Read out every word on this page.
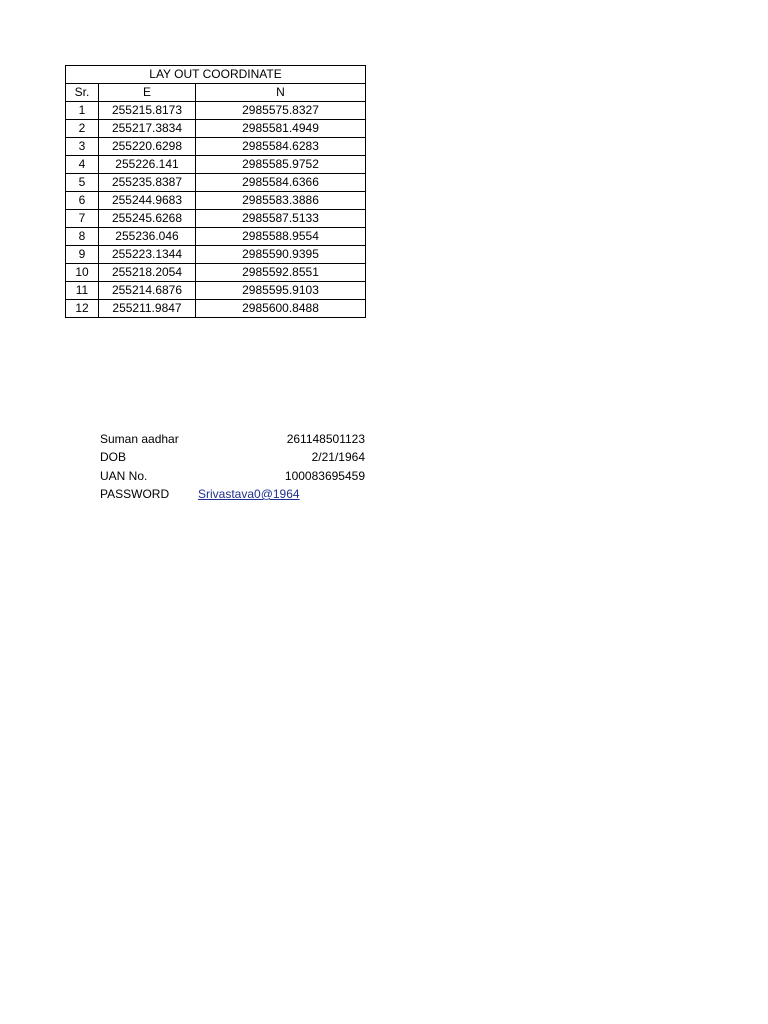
LAY OUT COORDINATE		
Sr.	E	N
1	255215.8173	2985575.8327
2	255217.3834	2985581.4949
3	255220.6298	2985584.6283
4	255226.141	2985585.9752
5	255235.8387	2985584.6366
6	255244.9683	2985583.3886
7	255245.6268	2985587.5133
8	255236.046	2985588.9554
9	255223.1344	2985590.9395
10	255218.2054	2985592.8551
11	255214.6876	2985595.9103
12	255211.9847	2985600.8488
Suman aadhar	261148501123
DOB	2/21/1964
UAN No.	100083695459
PASSWORD Srivastava0@1964
